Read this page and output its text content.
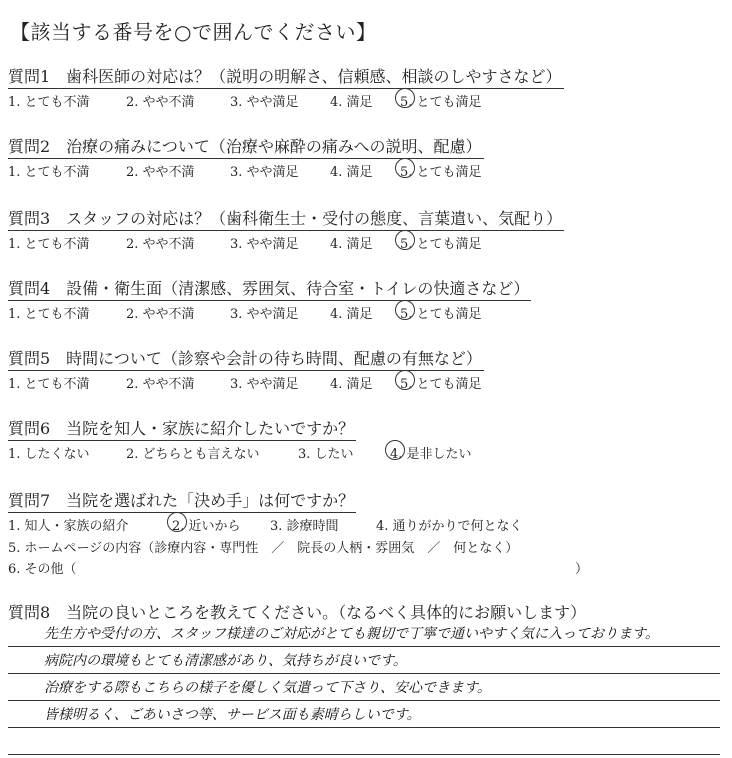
【該当する番号を○で囲んでください】
質問1　歯科医師の対応は？（説明の明解さ、信頼感、相談のしやすさなど）
1. とても不満	2. やや不満	3. やや満足 4. 満足 5. とても満足
質問2　治療の痛みについて（治療や麻酔の痛みへの説明、配慮）
1. とても不満	2. やや不満	3. やや満足 4. 満足 5. とても満足
質問3　スタッフの対応は？（歯科衛生士・受付の態度、言葉遣い、気配り）
1. とても不満	2. やや不満	3. やや満足 4. 満足 5. とても満足
質問4　設備・衛生面（清潔感、雰囲気、待合室・トイレの快適さなど）
1. とても不満	2. やや不満	3. やや満足 4. 満足 5. とても満足
質問5　時間について（診察や会計の待ち時間、配慮の有無など）
1. とても不満	2. やや不満	3. やや満足 4. 満足 5. とても満足
質問6　当院を知人・家族に紹介したいですか？
1. したくない	2. どちらとも言えない	3. したい	4. 是非したい
質問7　当院を選ばれた「決め手」は何ですか？
1. 知人・家族の紹介	2. 近いから 3. 診療時間	4. 通りがかりで何となく
5. ホームページの内容（診療内容・専門性　／　院長の人柄・雰囲気　／　何となく）
6. その他（	）
質問8　当院の良いところを教えてください。（なるべく具体的にお願いします）
先生方や受付の方、スタッフ様達のご対応がとても親切で丁寧で通いやすく気に入っております。
病院内の環境もとても清潔感があり、気持ちが良いです。
治療をする際もこちらの様子を優しく気遣って下さり、安心できます。
皆様明るく、ごあいさつ等、サービス面も素晴らしいです。
